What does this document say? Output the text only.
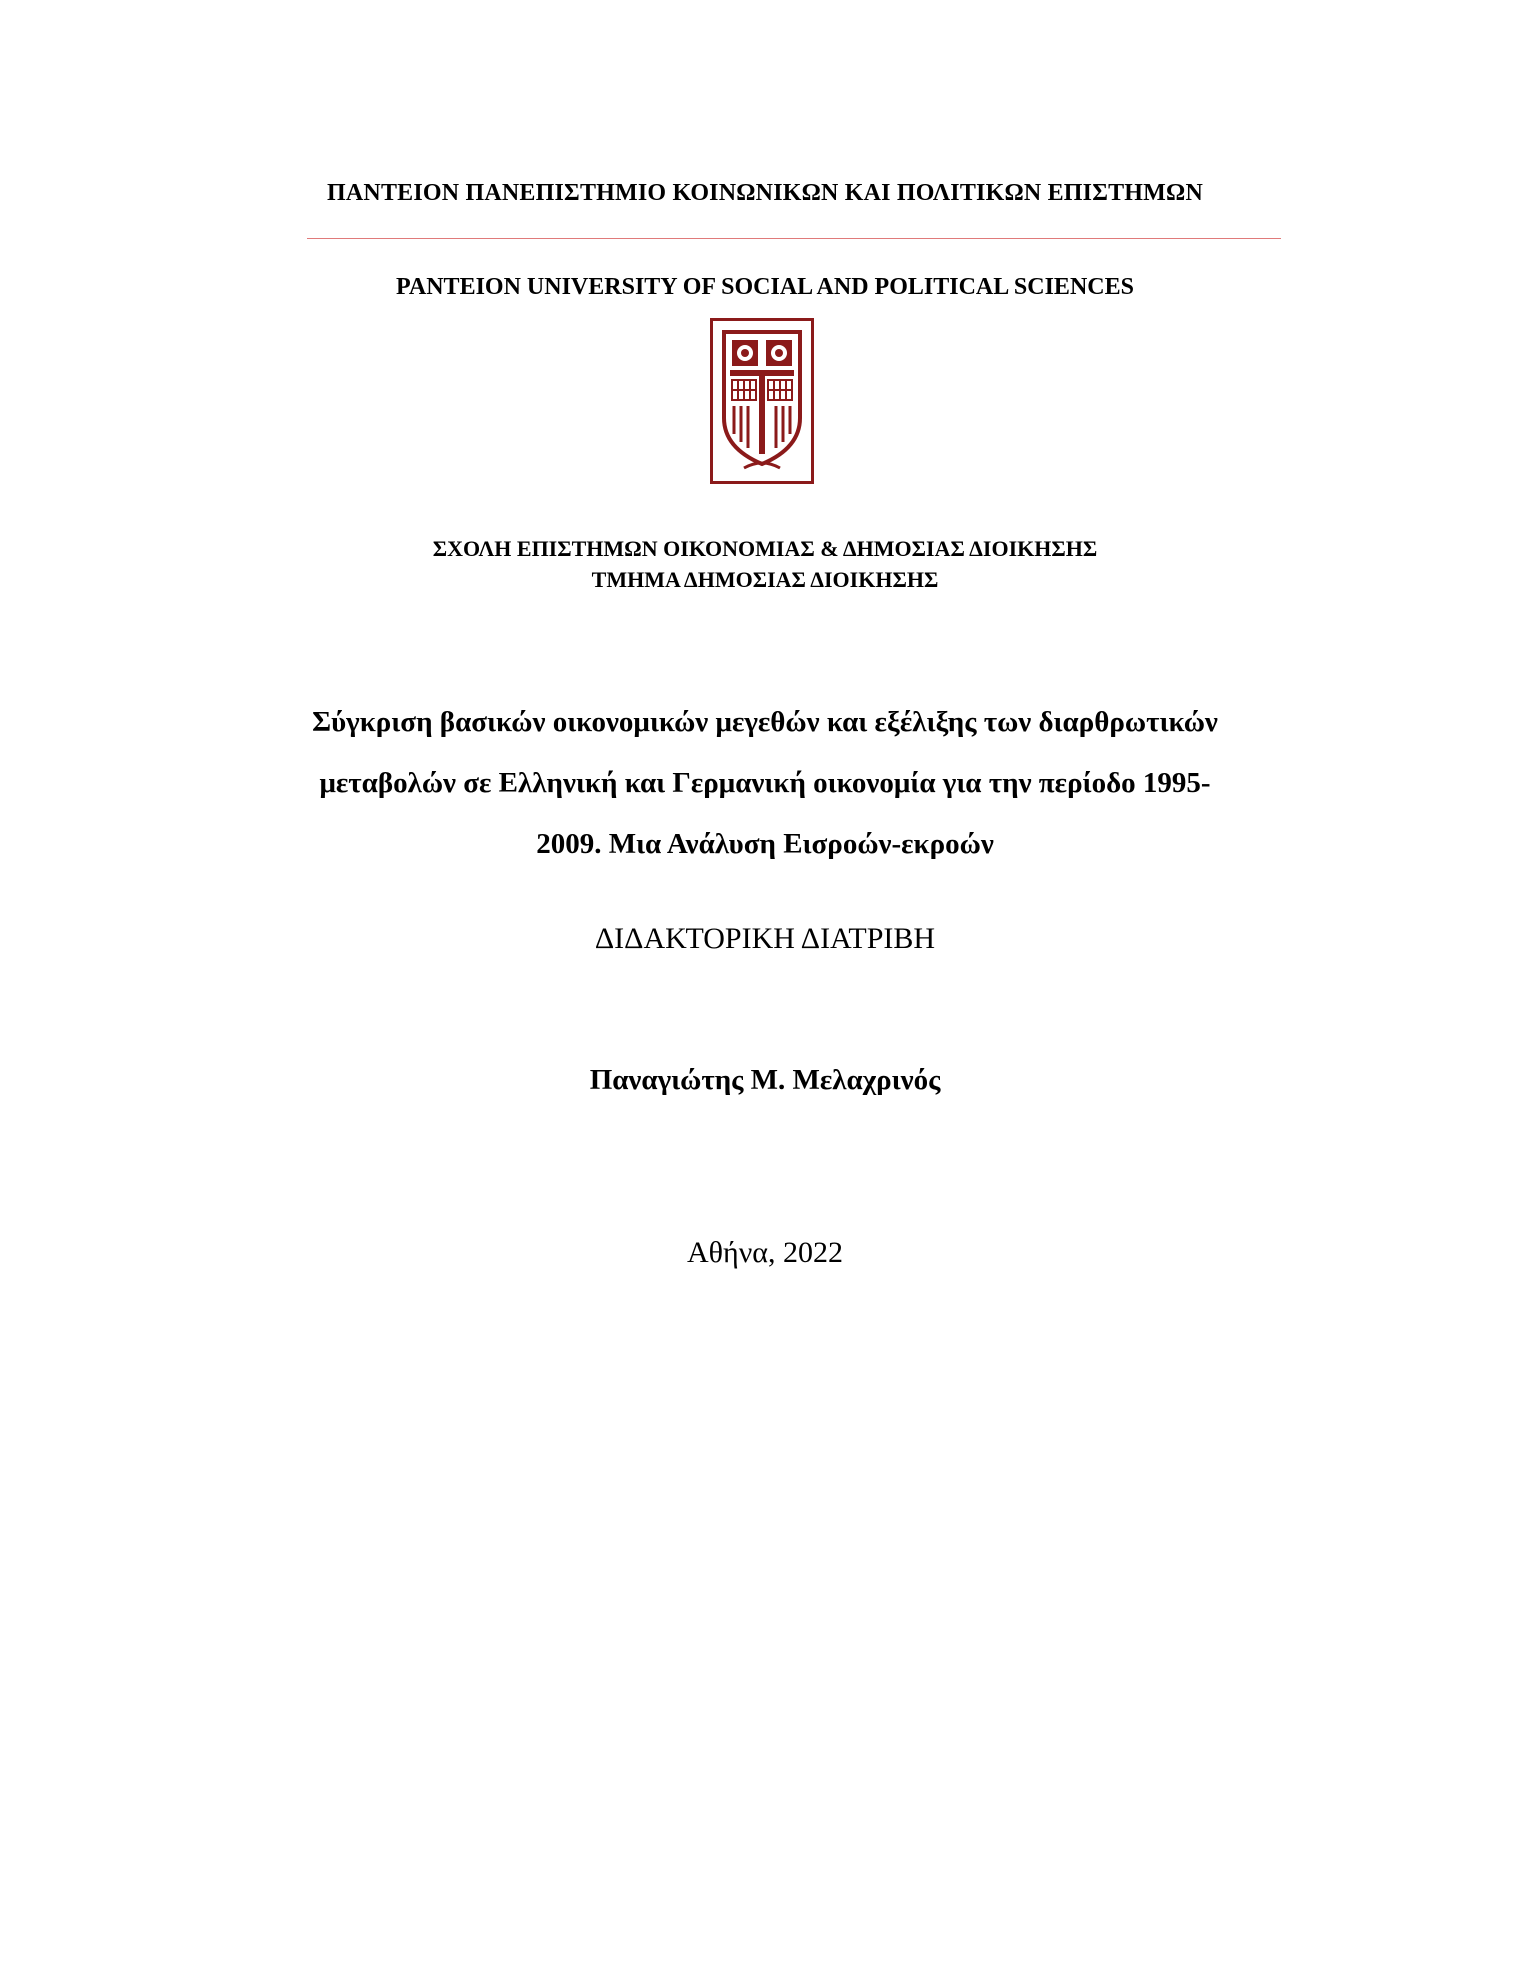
ΠΑΝΤΕΙΟΝ ΠΑΝΕΠΙΣΤΗΜΙΟ ΚΟΙΝΩΝΙΚΩΝ ΚΑΙ ΠΟΛΙΤΙΚΩΝ ΕΠΙΣΤΗΜΩΝ

PANTEION UNIVERSITY OF SOCIAL AND POLITICAL SCIENCES

ΣΧΟΛΗ ΕΠΙΣΤΗΜΩΝ ΟΙΚΟΝΟΜΙΑΣ & ΔΗΜΟΣΙΑΣ ΔΙΟΙΚΗΣΗΣ
ΤΜΗΜΑ ΔΗΜΟΣΙΑΣ ΔΙΟΙΚΗΣΗΣ
Σύγκριση βασικών οικονομικών μεγεθών και εξέλιξης των διαρθρωτικών
μεταβολών σε Ελληνική και Γερμανική οικονομία για την περίοδο 1995-
2009. Μια Ανάλυση Εισροών-εκροών

ΔΙΔΑΚΤΟΡΙΚΗ ΔΙΑΤΡΙΒΗ

Παναγιώτης Μ. Μελαχρινός

Αθήνα, 2022
